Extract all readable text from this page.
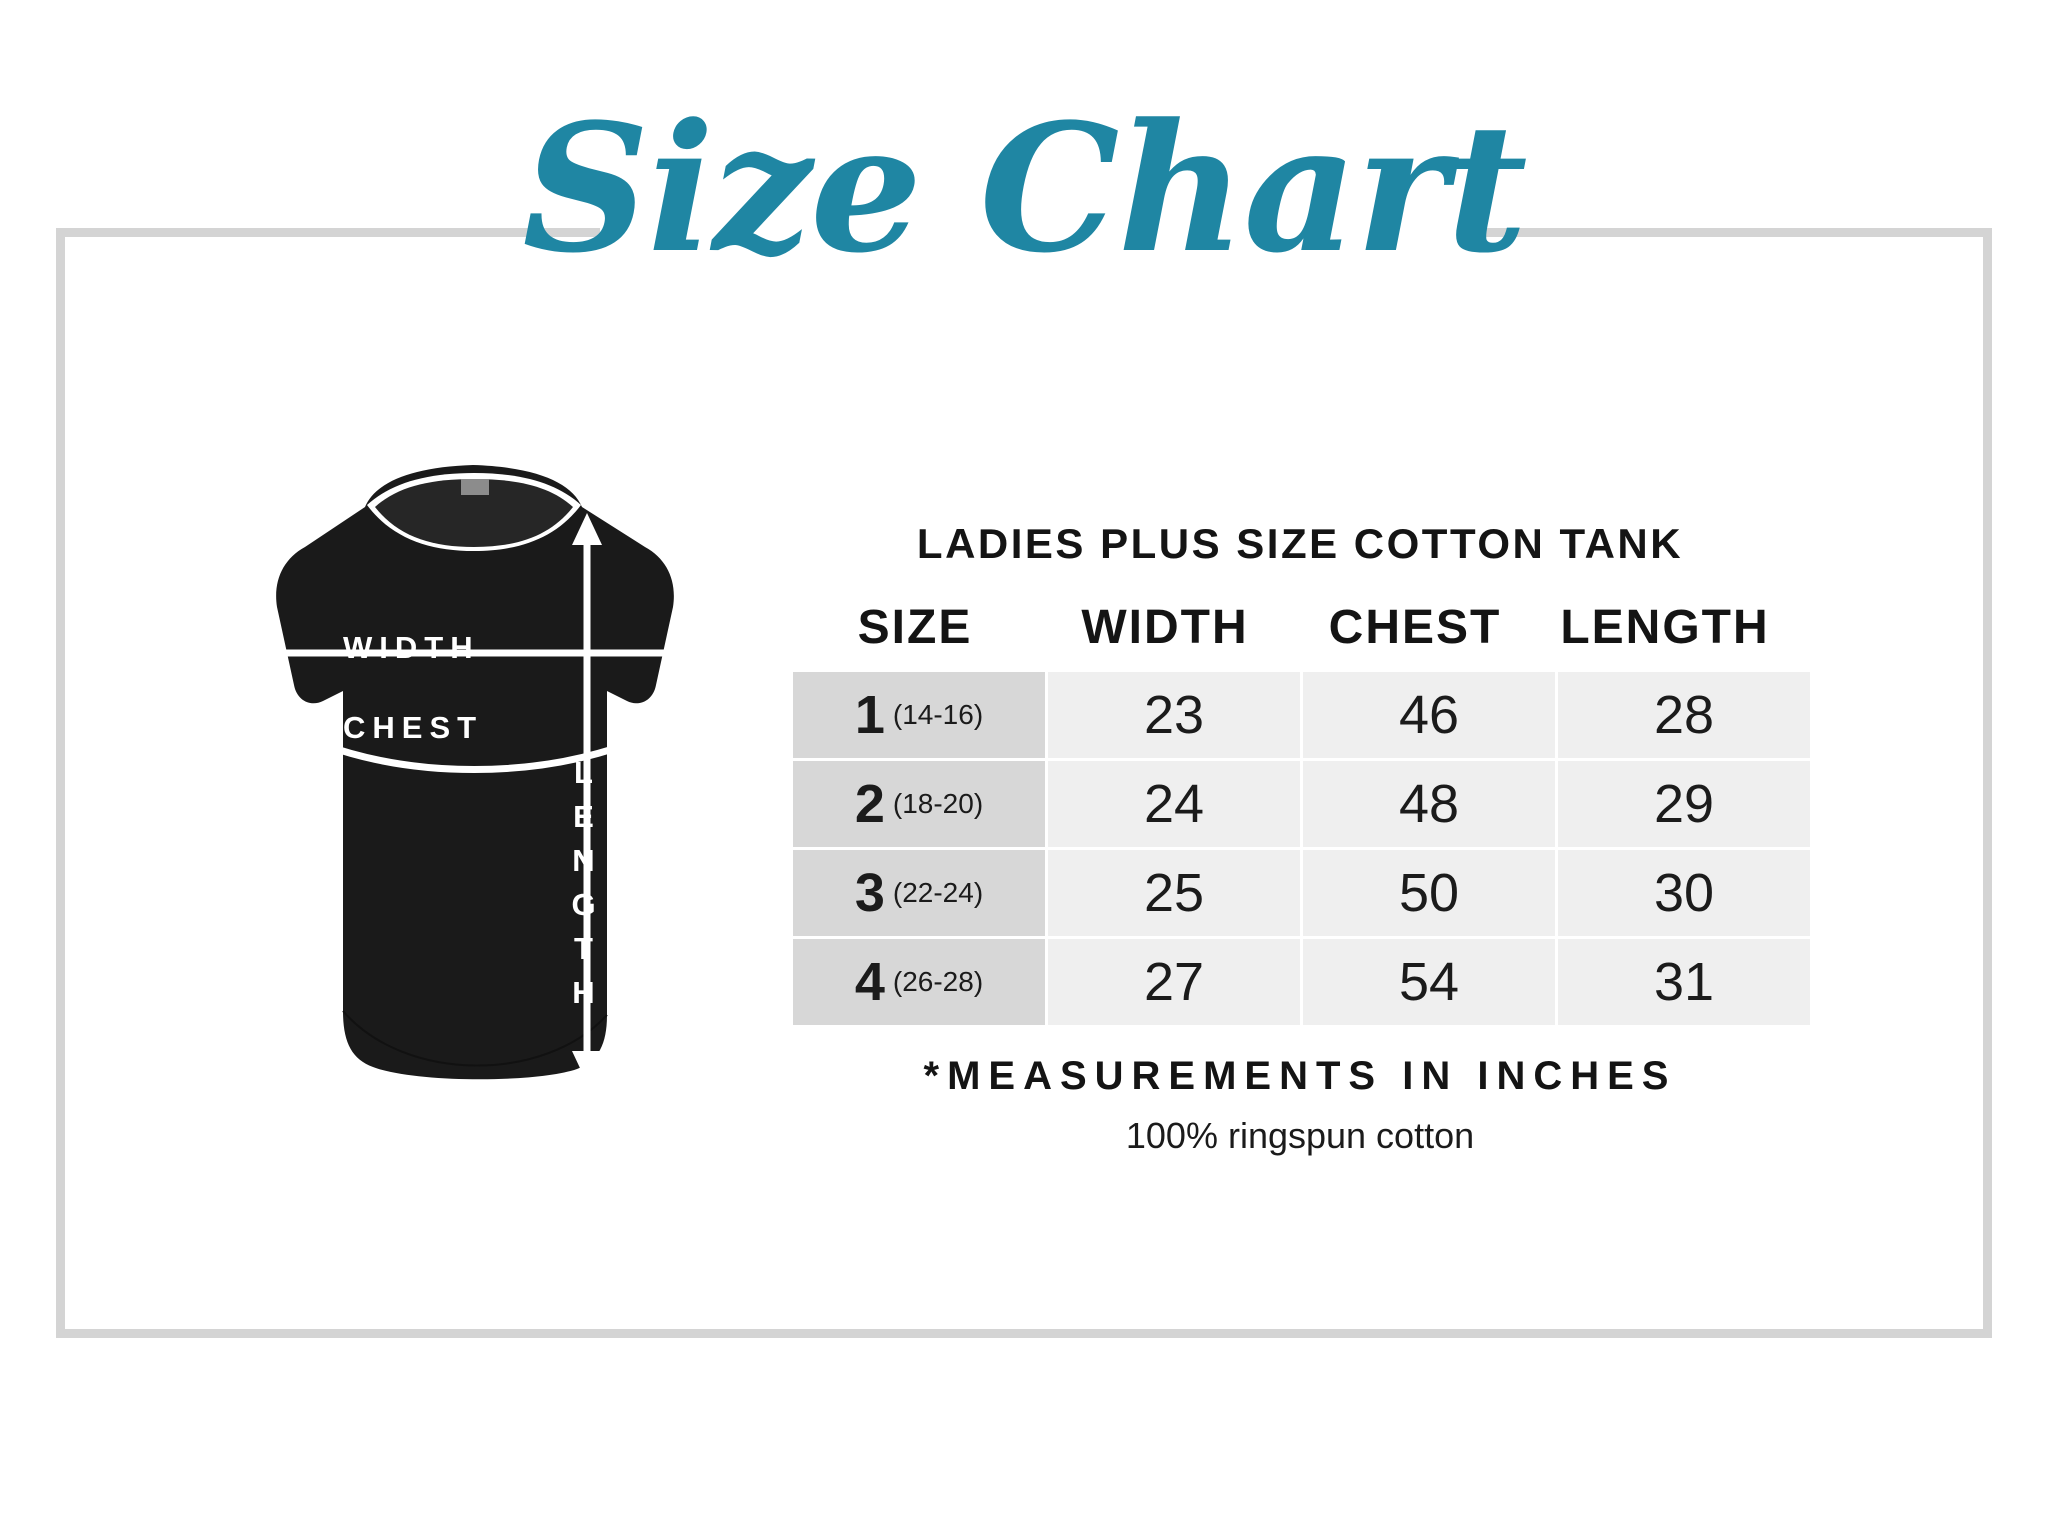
Size Chart
WIDTH
CHEST
LENGTH
LADIES PLUS SIZE COTTON TANK
SIZE	WIDTH	CHEST	LENGTH
1 (14-16)	23	46	28
2 (18-20)	24	48	29
3 (22-24)	25	50	30
4 (26-28)	27	54	31
*MEASUREMENTS IN INCHES
100% ringspun cotton
